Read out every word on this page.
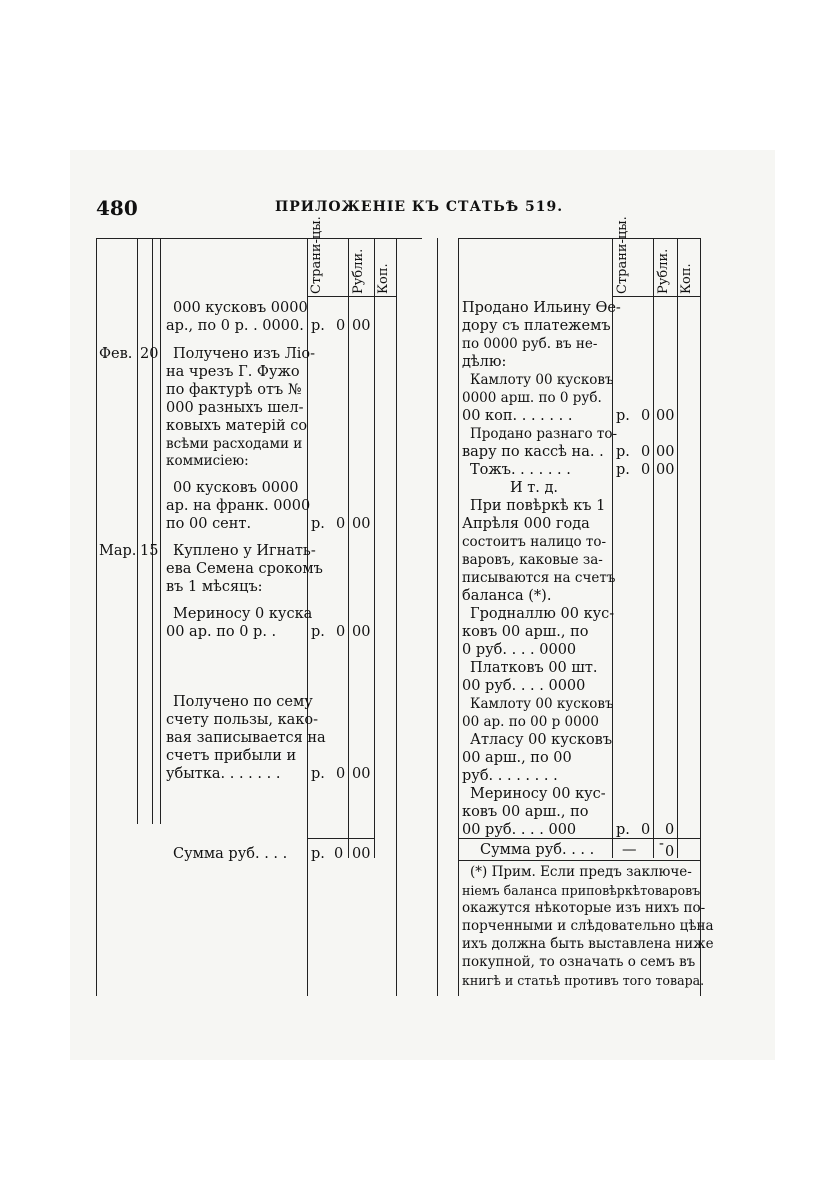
480	ПРИЛОЖЕНІЕ КЪ СТАТЬѢ 519.
Страни-цы. Рубли. Коп.
000 кусковъ 0000
ар., по 0 р. . 0000. р. 0 00
Фев. 20 Получено изъ Ліо-
на чрезъ Г. Фужо
по фактурѣ отъ №
000 разныхъ шел-
ковыхъ матерій со
всѣми расходами и
коммисіею:
00 кусковъ 0000
ар. на франк. 0000
по 00 сент.	р. 0 00
Мар. 15 Куплено у Игнать-
ева Семена срокомъ
въ 1 мѣсяцъ:
Мериносу 0 куска
00 ар. по 0 р. . р. 0 00
Получено по сему
счету пользы, како-
вая записывается на
счетъ прибыли и
убытка. . . . . . . р. 0 00
Сумма руб. . . . р. 0 00
Страни-цы. Рубли. Коп.
Продано Ильину Ѳе-
дору съ платежемъ
по 0000 руб. въ не-
дѣлю:
Камлоту 00 кусковъ
0000 арш. по 0 руб.
00 коп. . . . . . .
Продано разнаго то-
вару по кассѣ на. .
Тожъ. . . . . . .
И т. д.
При повѣркѣ къ 1
Апрѣля 000 года
состоитъ налицо то-
варовъ, каковые за-
писываются на счетъ
баланса (*).
Гродналлю 00 кус-
ковъ 00 арш., по
0 руб. . . . 0000
Платковъ 00 шт.
00 руб. . . . 0000
Камлоту 00 кусковъ
00 ар. по 00 р 0000
Атласу 00 кусковъ
00 арш., по 00
руб. . . . . . . .
Мериносу 00 кус-
ковъ 00 арш., по
00 руб. . . . 000
р. 0 00
р. 0 00
р. 0 00
р. 0 0
Сумма руб. . . . — - 0
(*) Прим. Если предъ заключе-
ніемъ баланса приповѣркѣтоваровъ
окажутся нѣкоторые изъ нихъ по-
порченными и слѣдовательно цѣна
ихъ должна быть выставлена ниже
покупной, то означать о семъ въ
книгѣ и статьѣ противъ того товара.
